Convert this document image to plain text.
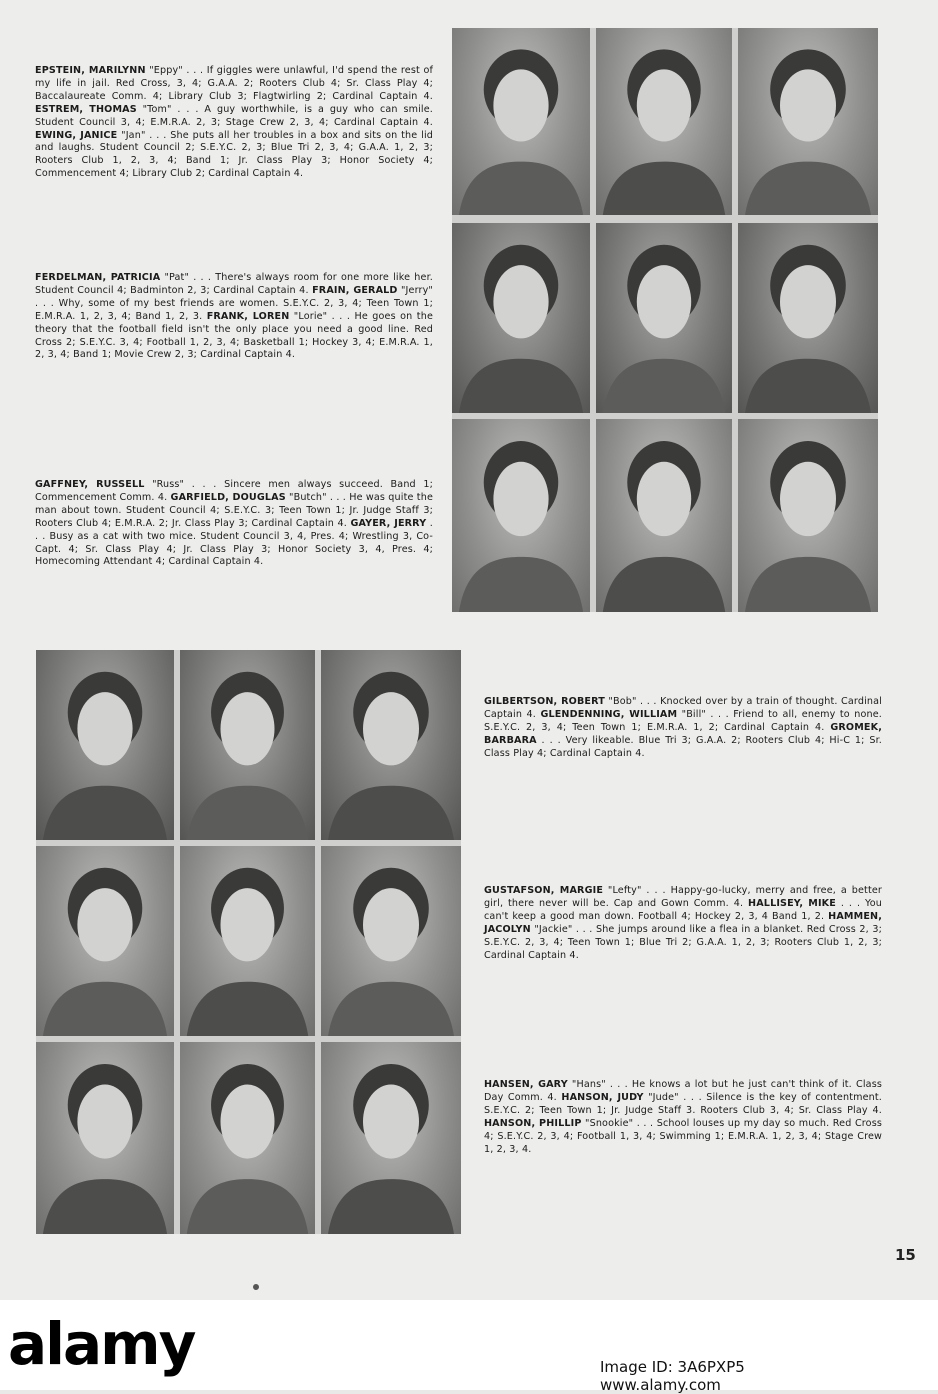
EPSTEIN, MARILYNN "Eppy" . . . If giggles were unlawful, I'd spend the rest of my life in jail. Red Cross, 3, 4; G.A.A. 2; Rooters Club 4; Sr. Class Play 4; Baccalaureate Comm. 4; Library Club 3; Flagtwirling 2; Cardinal Captain 4. ESTREM, THOMAS "Tom" . . . A guy worthwhile, is a guy who can smile. Student Council 3, 4; E.M.R.A. 2, 3; Stage Crew 2, 3, 4; Cardinal Captain 4. EWING, JANICE "Jan" . . . She puts all her troubles in a box and sits on the lid and laughs. Student Council 2; S.E.Y.C. 2, 3; Blue Tri 2, 3, 4; G.A.A. 1, 2, 3; Rooters Club 1, 2, 3, 4; Band 1; Jr. Class Play 3; Honor Society 4; Commencement 4; Library Club 2; Cardinal Captain 4.
FERDELMAN, PATRICIA "Pat" . . . There's always room for one more like her. Student Council 4; Badminton 2, 3; Cardinal Captain 4. FRAIN, GERALD "Jerry" . . . Why, some of my best friends are women. S.E.Y.C. 2, 3, 4; Teen Town 1; E.M.R.A. 1, 2, 3, 4; Band 1, 2, 3. FRANK, LOREN "Lorie" . . . He goes on the theory that the football field isn't the only place you need a good line. Red Cross 2; S.E.Y.C. 3, 4; Football 1, 2, 3, 4; Basketball 1; Hockey 3, 4; E.M.R.A. 1, 2, 3, 4; Band 1; Movie Crew 2, 3; Cardinal Captain 4.
GAFFNEY, RUSSELL "Russ" . . . Sincere men always succeed. Band 1; Commencement Comm. 4. GARFIELD, DOUGLAS "Butch" . . . He was quite the man about town. Student Council 4; S.E.Y.C. 3; Teen Town 1; Jr. Judge Staff 3; Rooters Club 4; E.M.R.A. 2; Jr. Class Play 3; Cardinal Captain 4. GAYER, JERRY . . . Busy as a cat with two mice. Student Council 3, 4, Pres. 4; Wrestling 3, Co-Capt. 4; Sr. Class Play 4; Jr. Class Play 3; Honor Society 3, 4, Pres. 4; Homecoming Attendant 4; Cardinal Captain 4.
GILBERTSON, ROBERT "Bob" . . . Knocked over by a train of thought. Cardinal Captain 4. GLENDENNING, WILLIAM "Bill" . . . Friend to all, enemy to none. S.E.Y.C. 2, 3, 4; Teen Town 1; E.M.R.A. 1, 2; Cardinal Captain 4. GROMEK, BARBARA . . . Very likeable. Blue Tri 3; G.A.A. 2; Rooters Club 4; Hi-C 1; Sr. Class Play 4; Cardinal Captain 4.
GUSTAFSON, MARGIE "Lefty" . . . Happy-go-lucky, merry and free, a better girl, there never will be. Cap and Gown Comm. 4. HALLISEY, MIKE . . . You can't keep a good man down. Football 4; Hockey 2, 3, 4 Band 1, 2. HAMMEN, JACOLYN "Jackie" . . . She jumps around like a flea in a blanket. Red Cross 2, 3; S.E.Y.C. 2, 3, 4; Teen Town 1; Blue Tri 2; G.A.A. 1, 2, 3; Rooters Club 1, 2, 3; Cardinal Captain 4.
HANSEN, GARY "Hans" . . . He knows a lot but he just can't think of it. Class Day Comm. 4. HANSON, JUDY "Jude" . . . Silence is the key of contentment. S.E.Y.C. 2; Teen Town 1; Jr. Judge Staff 3. Rooters Club 3, 4; Sr. Class Play 4. HANSON, PHILLIP "Snookie" . . . School louses up my day so much. Red Cross 4; S.E.Y.C. 2, 3, 4; Football 1, 3, 4; Swimming 1; E.M.R.A. 1, 2, 3, 4; Stage Crew 1, 2, 3, 4.
15
alamy	Image ID: 3A6PXP5
www.alamy.com
